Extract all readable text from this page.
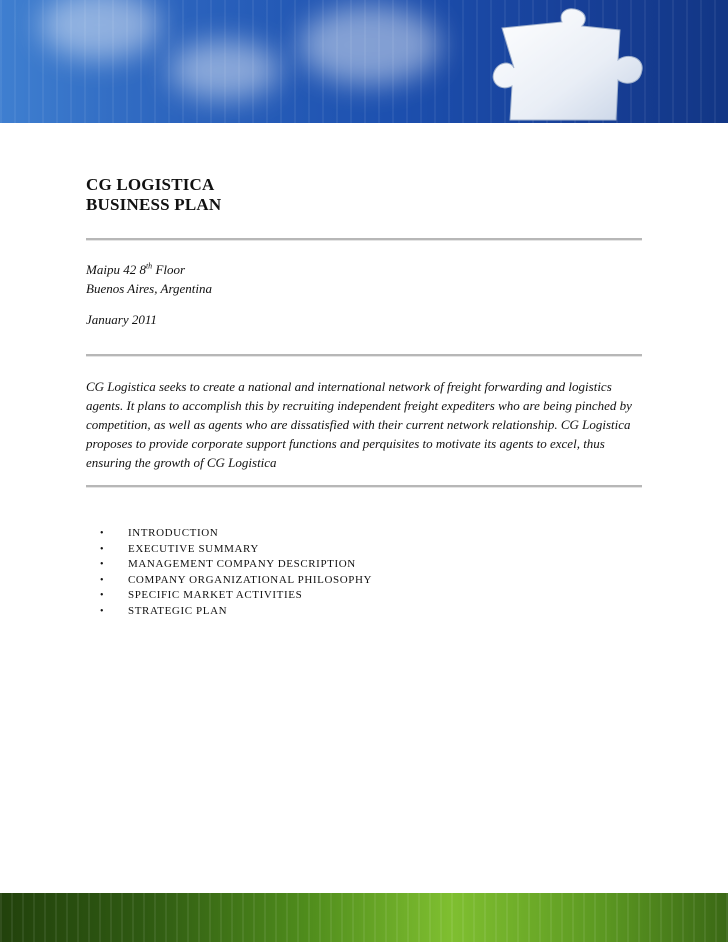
CG LOGISTICA
BUSINESS PLAN
Maipu 42 8th Floor
Buenos Aires, Argentina
January 2011

CG Logistica seeks to create a national and international network of freight forwarding and logistics agents. It plans to accomplish this by recruiting independent freight expediters who are being pinched by competition, as well as agents who are dissatisfied with their current network relationship. CG Logistica proposes to provide corporate support functions and perquisites to motivate its agents to excel, thus ensuring the growth of CG Logistica

• INTRODUCTION
• EXECUTIVE SUMMARY
• MANAGEMENT COMPANY DESCRIPTION
• COMPANY ORGANIZATIONAL PHILOSOPHY
• SPECIFIC MARKET ACTIVITIES
• STRATEGIC PLAN
